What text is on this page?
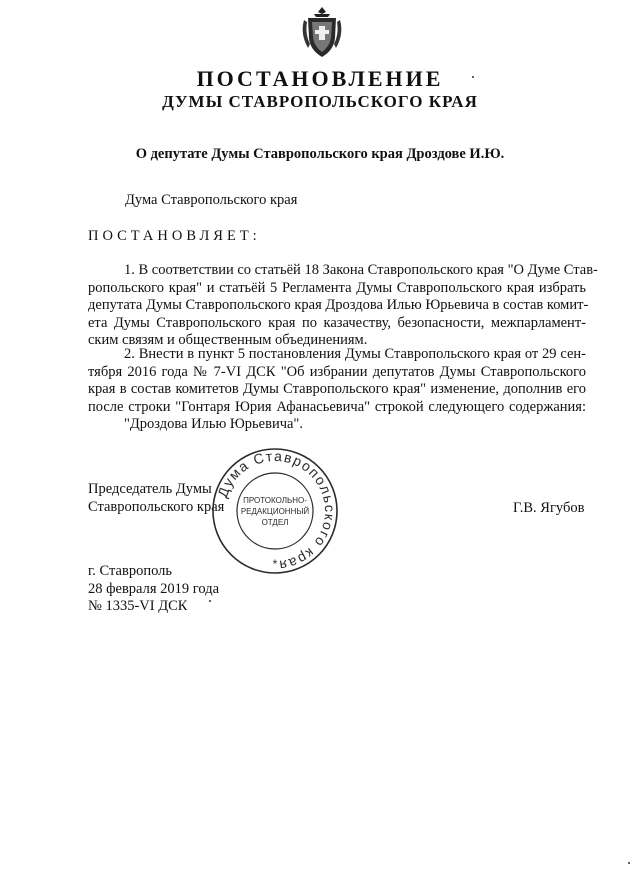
ПОСТАНОВЛЕНИЕ
ДУМЫ СТАВРОПОЛЬСКОГО КРАЯ
О депутате Думы Ставропольского края Дроздове И.Ю.
Дума Ставропольского края
ПОСТАНОВЛЯЕТ:
1. В соответствии со статьёй 18 Закона Ставропольского края "О Думе Став-
ропольского края" и статьёй 5 Регламента Думы Ставропольского края избрать
депутата Думы Ставропольского края Дроздова Илью Юрьевича в состав комит-
ета Думы Ставропольского края по казачеству, безопасности, межпарламент-
ским связям и общественным объединениям.
2. Внести в пункт 5 постановления Думы Ставропольского края от 29 сен-
тября 2016 года № 7-VI ДСК "Об избрании депутатов Думы Ставропольского
края в состав комитетов Думы Ставропольского края" изменение, дополнив его
после строки "Гонтаря Юрия Афанасьевича" строкой следующего содержания:
"Дроздова Илью Юрьевича".
Председатель Думы
Ставропольского края	Г.В. Ягубов
Дума Ставропольского края
ПРОТОКОЛЬНО-
РЕДАКЦИОННЫЙ
ОТДЕЛ
*
г. Ставрополь
28 февраля 2019 года
№ 1335-VI ДСК
